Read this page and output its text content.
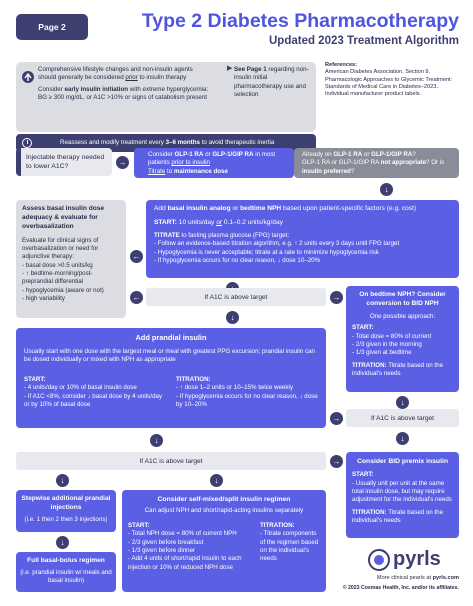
Page 2	Type 2 Diabetes Pharmacotherapy
Updated 2023 Treatment Algorithm
Comprehensive lifestyle changes and non-insulin agents
should generally be considered prior to insulin therapy
Consider early insulin initiation with extreme hyperglycemia:
BG ≥ 300 mg/dL, or A1C >10% or signs of catabolism present
See Page 1 regarding non-insulin initial pharmacotherapy use and selection
▶
Reassess and modify treatment every 3–6 months to avoid therapeutic inertia
References:
American Diabetes Association. Section 9. Pharmacologic Approaches to Glycemic Treatment: Standards of Medical Care in Diabetes–2023.. Individual manufacturer product labels.
Injectable therapy needed to lower A1C?	→
Consider GLP-1 RA or GLP-1/GIP RA in most patients prior to insulin
Titrate to maintenance dose
Already on GLP-1 RA or GLP-1/GIP RA?
GLP-1 RA or GLP-1/GIP RA not appropriate? Or is insulin preferred?
↓
Assess basal insulin dose adequacy & evaluate for overbasalization
Evaluate for clinical signs of overbasalization or need for adjunctive therapy:
- basal dose >0.5 units/kg
- ↑ bedtime-morning/post-preprandial differential
- hypoglycemia (aware or not)
- high variability
←
Add basal insulin analog or bedtime NPH based upon patient-specific factors (e.g. cost)
START: 10 units/day or 0.1–0.2 units/kg/day
TITRATE to fasting plasma glucose (FPG) target:
- Follow an evidence-based titration algorithm, e.g. ↑ 2 units every 3 days until FPG target
- Hypoglycemia is never acceptable; titrate at a rate to minimize hypoglycemia risk
- If hypoglycemia occurs for no clear reason, ↓ dose 10–20%
If A1C is above target
←	→	On bedtime NPH? Consider conversion to BID NPH
One possible approach:
START:
- Total dose = 80% of current
- 2/3 given in the morning
- 1/3 given at bedtime
TITRATION: Titrate based on the individual's needs
↓
Add prandial insulin
Usually start with one dose with the largest meal or meal with greatest PPG excursion; prandial insulin can be dosed individually or mixed with NPH as appropriate
START:
- 4 units/day or 10% of basal insulin dose
- If A1C <8%, consider ↓ basal dose by 4 units/day or by 10% of basal dose
TITRATION:
- ↑ dose 1–2 units or 10–15% twice weekly
- If hypoglycemia occurs for no clear reason, ↓ dose by 10–20%
→
↓
If A1C is above target
↓
↓
If A1C is above target	→	Consider BID premix insulin
START:
- Usually unit per unit at the same total insulin dose, but may require adjustment for the individual's needs
TITRATION: Titrate based on the individual's needs
↓	↓
Stepwise additional prandial injections
(i.e. 1 then 2 then 3 injections)
↓
Full basal-bolus regimen
(i.e. prandial insulin w/ meals and basal insulin)
Consider self-mixed/split insulin regimen
Can adjust NPH and short/rapid-acting insulins separately
START:
- Total NPH dose = 80% of current NPH
- 2/3 given before breakfast
- 1/3 given before dinner
- Add 4 units of short/rapid insulin to each injection or 10% of reduced NPH dose
TITRATION:
- Titrate components of the regimen based on the individual's needs	pyrls
More clinical pearls at pyrls.com
© 2023 Cosmas Health, Inc. and/or its affiliates.
